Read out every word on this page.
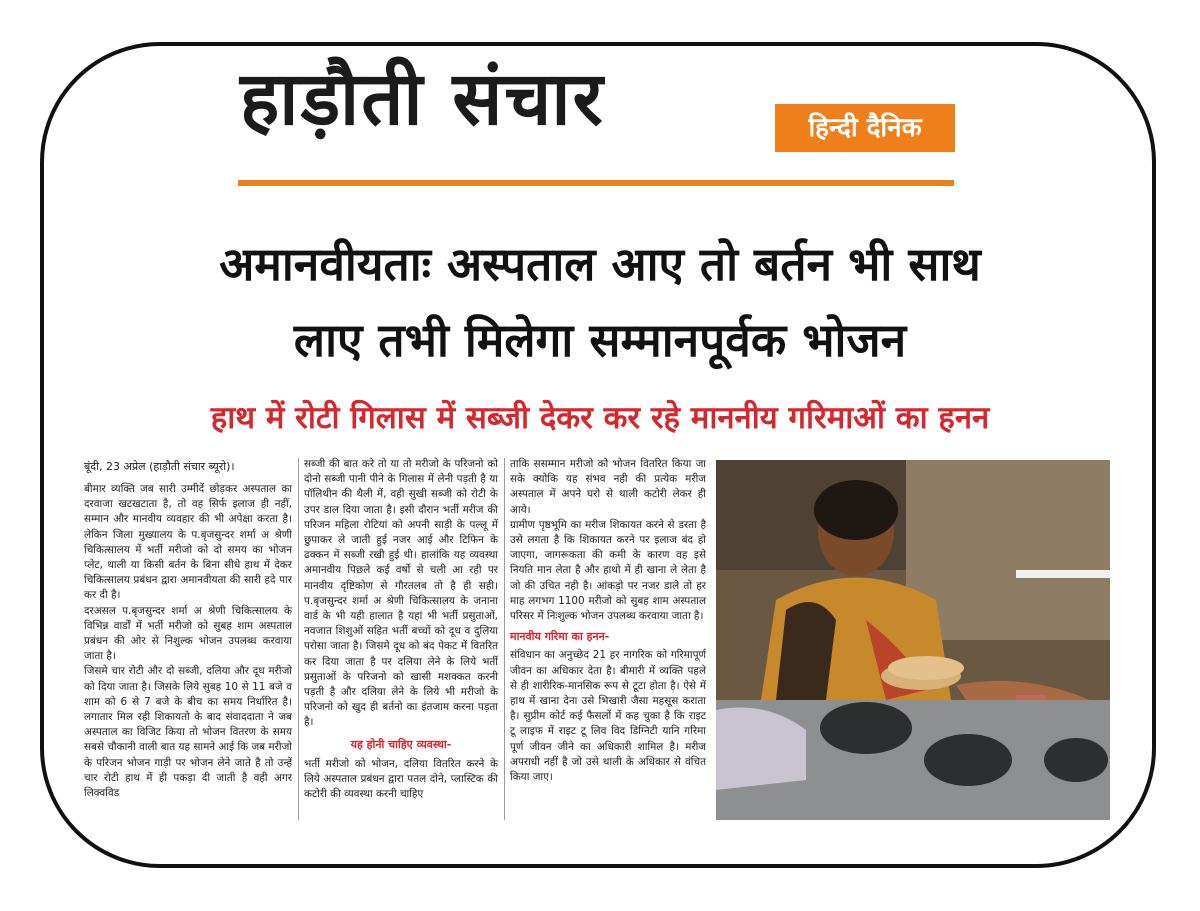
हाड़ौती संचार	हिन्दी दैनिक
अमानवीयताः अस्पताल आए तो बर्तन भी साथ
लाए तभी मिलेगा सम्मानपूर्वक भोजन
हाथ में रोटी गिलास में सब्जी देकर कर रहे माननीय गरिमाओं का हनन
बूंदी, 23 अप्रेल (हाड़ौती संचार ब्यूरो)।

बीमार व्यक्ति जब सारी उम्मीदें छोड़कर अस्पताल का दरवाजा खटखटाता है, तो वह सिर्फ इलाज ही नहीं, सम्मान और मानवीय व्यवहार की भी अपेक्षा करता है। लेकिन जिला मुख्यालय के प.बृजसुन्दर शर्मा अ श्रेणी चिकित्सालय में भर्ती मरीजो को दो समय का भोजन प्लेट, थाली या किसी बर्तन के बिना सीधे हाथ में देकर चिकित्सालय प्रबंधन द्वारा अमानवीयता की सारी हदे पार कर दी है।

दरअसल प.बृजसुन्दर शर्मा अ श्रेणी चिकित्सालय के विभिन्न वार्डों में भर्ती मरीजो को सुबह शाम अस्पताल प्रबंधन की ओर से निशुल्क भोजन उपलब्ध करवाया जाता है।

जिसमे चार रोटी और दो सब्जी, दलिया और दूध मरीजो को दिया जाता है। जिसके लिये सुबह 10 से 11 बजे व शाम को 6 से 7 बजे के बीच का समय निर्धारित है। लगातार मिल रही शिकायतो के बाद संवाददाता ने जब अस्पताल का विजिट किया तो भोजन वितरण के समय सबसे चौकानी वाली बात यह सामने आई कि जब मरीजो के परिजन भोजन गाड़ी पर भोजन लेने जाते है तो उन्हें चार रोटी हाथ में ही पकड़ा दी जाती है वही अगर लिक्वविड

सब्जी की बात करे तो या तो मरीजो के परिजनो को दोनो सब्जी पानी पीने के गिलास में लेनी पड़ती है या पॉलिथीन की थैली में, वही सुखी सब्जी को रोटी के उपर डाल दिया जाता है। इसी दौरान भर्ती मरीज की परिजन महिला रोटियां को अपनी साड़ी के पल्लू में छुपाकर ले जाती हुई नजर आई और टिफिन के ढक्कन में सब्जी रखी हुई थी। हालांकि यह व्यवस्था अमानवीय पिछले कई वर्षो से चली आ रही पर मानवीय दृष्टिकोण से गौरतलब तो है ही सही। प.बृजसुन्दर शर्मा अ श्रेणी चिकित्सालय के जनाना वार्ड के भी यही हालात है यहां भी भर्ती प्रसुताओं, नवजात शिशुओं सहित भर्ती बच्चों को दूध व दुलिया परोसा जाता है। जिसमे दूध को बंद पेकट में वितरित कर दिया जाता है पर दलिया लेने के लिये भर्ती प्रसुताओं के परिजनो को खासी मशक्कत करनी पड़ती है और दलिया लेने के लिये भी मरीजो के परिजनो को खुद ही बर्तनो का इंतजाम करना पड़ता है।

यह होनी चाहिए व्यवस्था-

भर्ती मरीजो को भोजन, दलिया वितरित करने के लिये अस्पताल प्रबंधन द्वारा पतल दोने, प्लास्टिक की कटोरी की व्यवस्था करनी चाहिए

ताकि ससम्मान मरीजो को भोजन वितरित किया जा सके क्योकि यह संभव नही की प्रत्येक मरीज अस्पताल में अपने घरो से थाली कटोरी लेकर ही आये।

ग्रामीण पृष्ठभूमि का मरीज शिकायत करने से डरता है उसे लगता है कि शिकायत करने पर इलाज बंद हो जाएगा, जागरूकता की कमी के कारण वह इसे नियति मान लेता है और हाथो में ही खाना ले लेता है जो की उचित नही है। आंकड़ो पर नजर डाले तो हर माह लगभग 1100 मरीजो को सुबह शाम अस्पताल परिसर में निःशुल्क भोजन उपलब्ध करवाया जाता है।

मानवीय गरिमा का हनन-

संविधान का अनुच्छेद 21 हर नागरिक को गरिमापूर्ण जीवन का अधिकार देता है। बीमारी में व्यक्ति पहले से ही शारीरिक-मानसिक रूप से टूटा होता है। ऐसे में हाथ में खाना देना उसे भिखारी जैसा महसूस कराता है। सुप्रीम कोर्ट कई फैसलों में कह चुका है कि राइट टू लाइफ में राइट टू लिव विद डिग्निटी यानि गरिमा पूर्ण जीवन जीने का अधिकारी शामिल है। मरीज अपराधी नहीं है जो उसे थाली के अधिकार से वंचित किया जाए।
